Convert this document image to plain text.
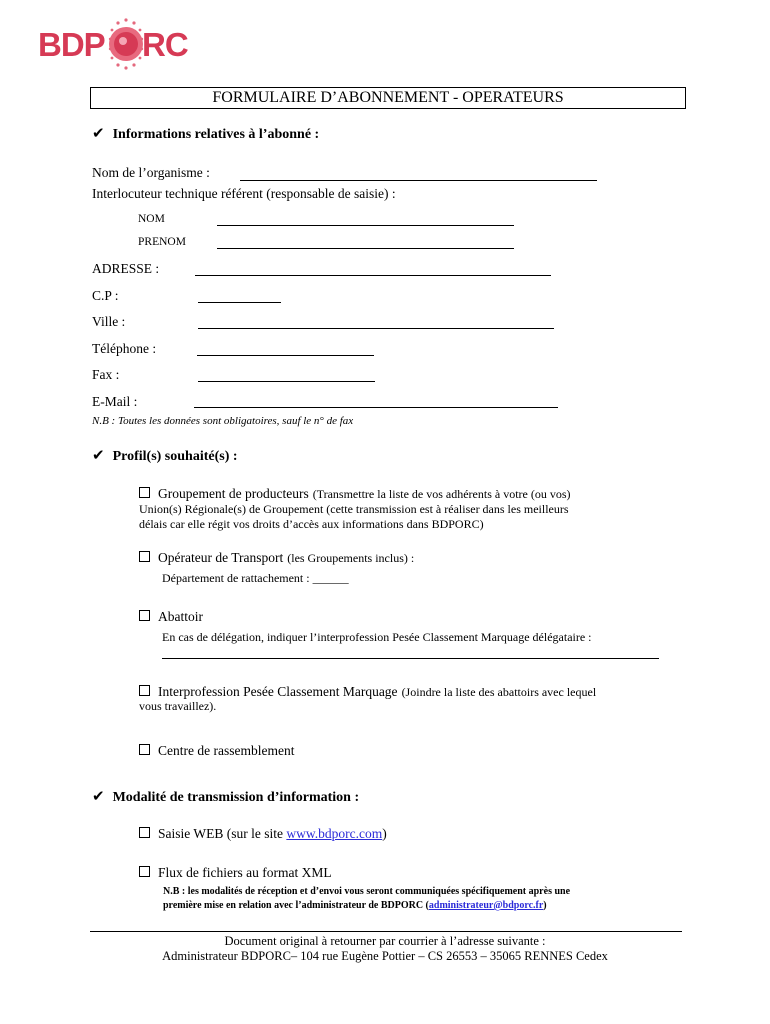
BDP RC
FORMULAIRE D’ABONNEMENT - OPERATEURS
✔ Informations relatives à l’abonné :
Nom de l’organisme :
Interlocuteur technique référent (responsable de saisie) :
NOM
PRENOM
ADRESSE :
C.P :
Ville :
Téléphone :
Fax :
E-Mail :
N.B : Toutes les données sont obligatoires, sauf le n° de fax
✔ Profil(s) souhaité(s) :
Groupement de producteurs (Transmettre la liste de vos adhérents à votre (ou vos)
Union(s) Régionale(s) de Groupement (cette transmission est à réaliser dans les meilleurs
délais car elle régit vos droits d’accès aux informations dans BDPORC)
Opérateur de Transport (les Groupements inclus) :
Département de rattachement : ______
Abattoir
En cas de délégation, indiquer l’interprofession Pesée Classement Marquage délégataire :
Interprofession Pesée Classement Marquage (Joindre la liste des abattoirs avec lequel
vous travaillez).
Centre de rassemblement
✔ Modalité de transmission d’information :
Saisie WEB (sur le site www.bdporc.com)
Flux de fichiers au format XML
N.B : les modalités de réception et d’envoi vous seront communiquées spécifiquement après une
première mise en relation avec l’administrateur de BDPORC (administrateur@bdporc.fr)
Document original à retourner par courrier à l’adresse suivante :
Administrateur BDPORC– 104 rue Eugène Pottier – CS 26553 – 35065 RENNES Cedex
